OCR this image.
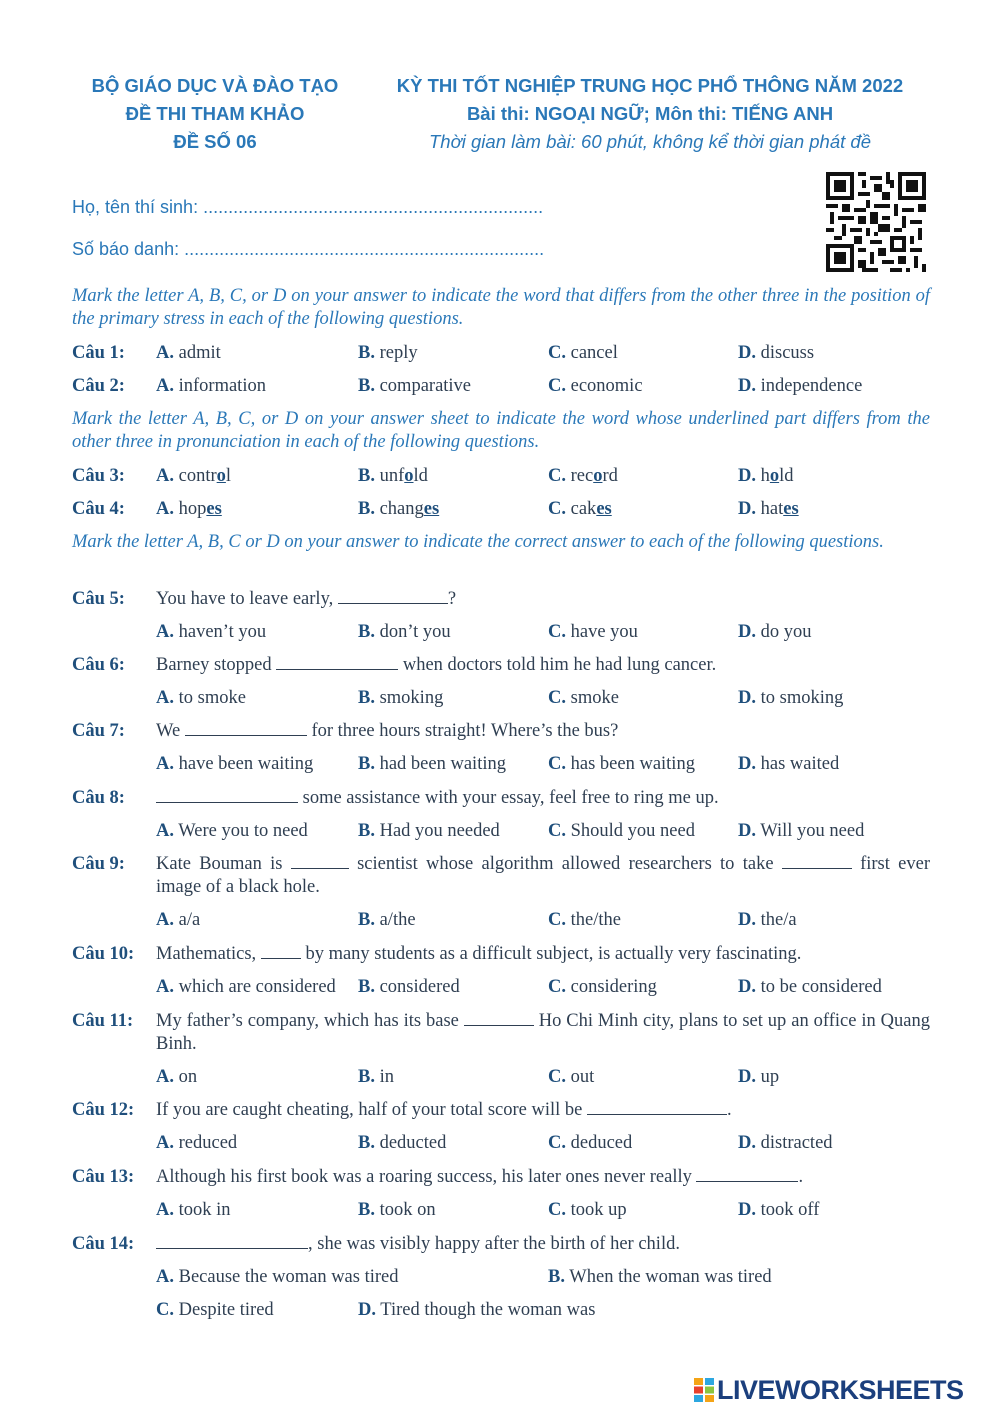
BỘ GIÁO DỤC VÀ ĐÀO TẠO
ĐỀ THI THAM KHẢO
ĐỀ SỐ 06
KỲ THI TỐT NGHIỆP TRUNG HỌC PHỔ THÔNG NĂM 2022
Bài thi: NGOẠI NGỮ; Môn thi: TIẾNG ANH
Thời gian làm bài: 60 phút, không kể thời gian phát đề
Họ, tên thí sinh: ....................................................................
Số báo danh: ........................................................................
Mark the letter A, B, C, or D on your answer to indicate the word that differs from the other three in the position of the primary stress in each of the following questions.
Câu 1: A. admit	B. reply	C. cancel	D. discuss
Câu 2: A. information	B. comparative	C. economic	D. independence
Mark the letter A, B, C, or D on your answer sheet to indicate the word whose underlined part differs from the other three in pronunciation in each of the following questions.
Câu 3: A. control	B. unfold	C. record	D. hold
Câu 4: A. hopes	B. changes	C. cakes	D. hates
Mark the letter A, B, C or D on your answer to indicate the correct answer to each of the following questions.
Câu 5: You have to leave early,	?
A. haven’t you	B. don’t you	C. have you	D. do you
Câu 6: Barney stopped	when doctors told him he had lung cancer.
A. to smoke	B. smoking	C. smoke	D. to smoking
Câu 7: We	for three hours straight! Where’s the bus?
A. have been waiting B. had been waiting C. has been waiting D. has waited
Câu 8:	some assistance with your essay, feel free to ring me up.
A. Were you to need	B. Had you needed	C. Should you need D. Will you need
Câu 9: Kate Bouman is	scientist whose algorithm allowed researchers to take	first ever image of a black hole.
A. a/a	B. a/the	C. the/the	D. the/a
Câu 10: Mathematics,  by many students as a difficult subject, is actually very fascinating.
A. which are considered B. considered	C. considering	D. to be considered
Câu 11: My father’s company, which has its base	Ho Chi Minh city, plans to set up an office in Quang Binh.
A. on	B. in	C. out	D. up
Câu 12: If you are caught cheating, half of your total score will be	.
A. reduced	B. deducted	C. deduced	D. distracted
Câu 13: Although his first book was a roaring success, his later ones never really	.
A. took in	B. took on	C. took up	D. took off
Câu 14:	, she was visibly happy after the birth of her child.
A. Because the woman was tired	B. When the woman was tired
C. Despite tired	D. Tired though the woman was
LIVEWORKSHEETS
